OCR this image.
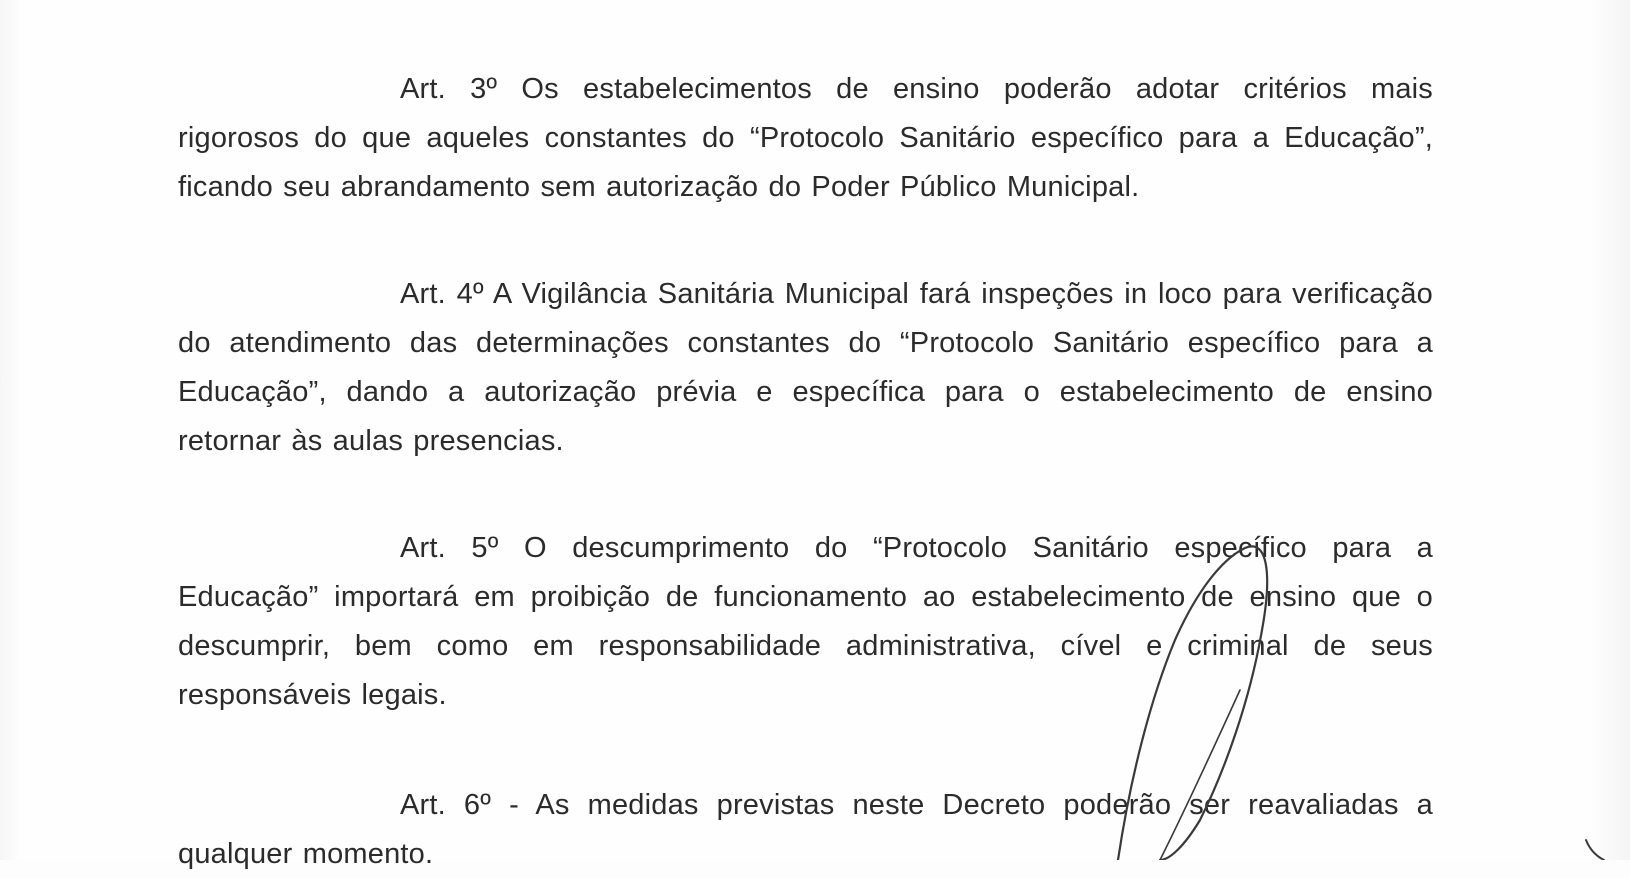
Art. 3º Os estabelecimentos de ensino poderão adotar critérios mais rigorosos do que aqueles constantes do “Protocolo Sanitário específico para a Educação”, ficando seu abrandamento sem autorização do Poder Público Municipal.

Art. 4º A Vigilância Sanitária Municipal fará inspeções in loco para verificação do atendimento das determinações constantes do “Protocolo Sanitário específico para a Educação”, dando a autorização prévia e específica para o estabelecimento de ensino retornar às aulas presencias.

Art. 5º O descumprimento do “Protocolo Sanitário específico para a Educação” importará em proibição de funcionamento ao estabelecimento de ensino que o descumprir, bem como em responsabilidade administrativa, cível e criminal de seus responsáveis legais.

Art. 6º - As medidas previstas neste Decreto poderão ser reavaliadas a qualquer momento.
